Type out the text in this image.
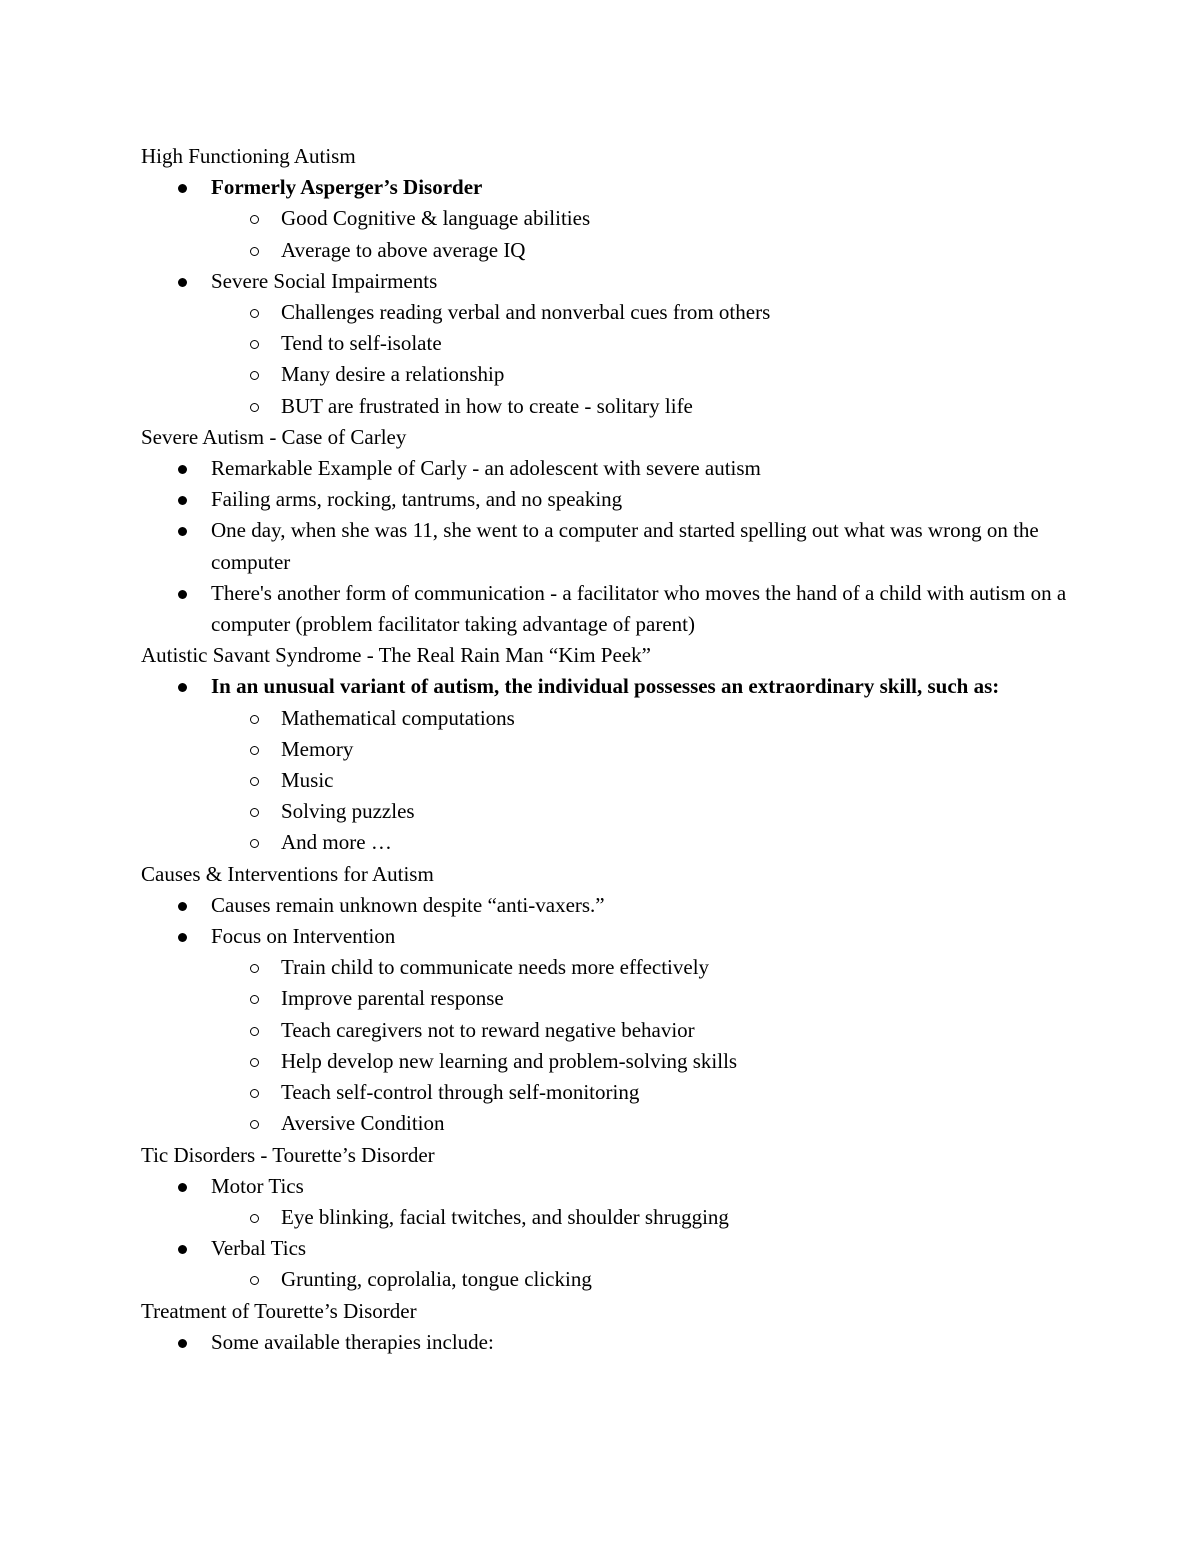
High Functioning Autism
Formerly Asperger’s Disorder
Good Cognitive & language abilities
Average to above average IQ
Severe Social Impairments
Challenges reading verbal and nonverbal cues from others
Tend to self-isolate
Many desire a relationship
BUT are frustrated in how to create - solitary life
Severe Autism - Case of Carley
Remarkable Example of Carly - an adolescent with severe autism
Failing arms, rocking, tantrums, and no speaking
One day, when she was 11, she went to a computer and started spelling out what was wrong on the computer
There's another form of communication - a facilitator who moves the hand of a child with autism on a computer (problem facilitator taking advantage of parent)
Autistic Savant Syndrome - The Real Rain Man “Kim Peek”
In an unusual variant of autism, the individual possesses an extraordinary skill, such as:
Mathematical computations
Memory
Music
Solving puzzles
And more …
Causes & Interventions for Autism
Causes remain unknown despite “anti-vaxers.”
Focus on Intervention
Train child to communicate needs more effectively
Improve parental response
Teach caregivers not to reward negative behavior
Help develop new learning and problem-solving skills
Teach self-control through self-monitoring
Aversive Condition
Tic Disorders - Tourette’s Disorder
Motor Tics
Eye blinking, facial twitches, and shoulder shrugging
Verbal Tics
Grunting, coprolalia, tongue clicking
Treatment of Tourette’s Disorder
Some available therapies include:
